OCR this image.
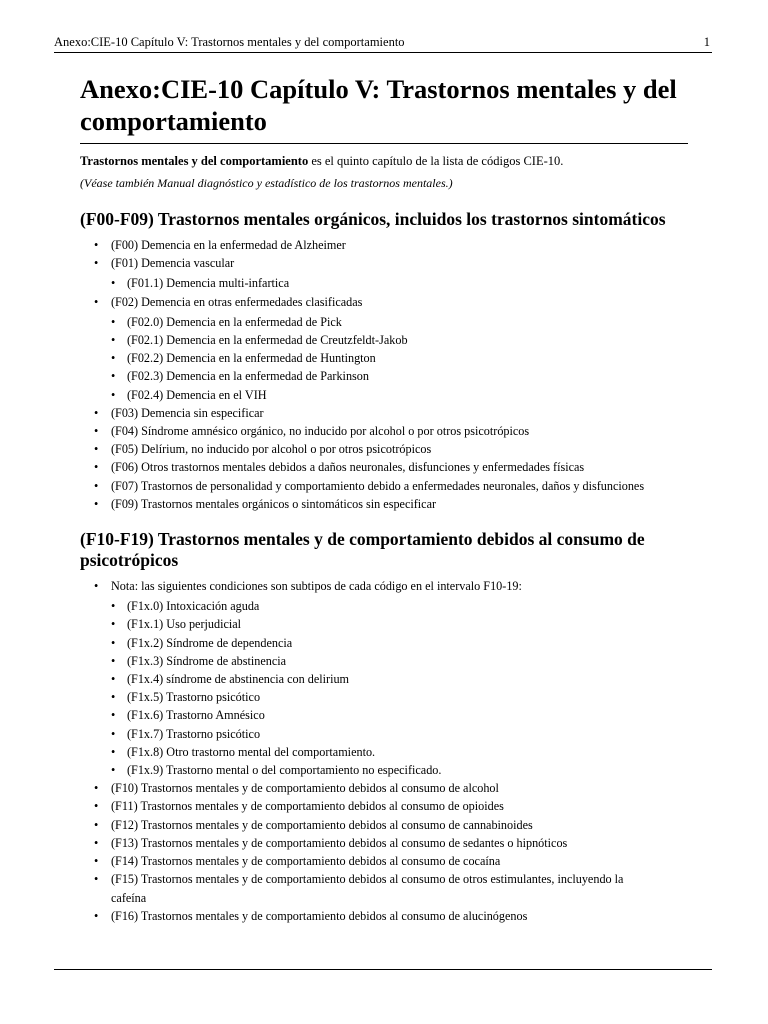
Anexo:CIE-10 Capítulo V: Trastornos mentales y del comportamiento	1
Anexo:CIE-10 Capítulo V: Trastornos mentales y del comportamiento

Trastornos mentales y del comportamiento es el quinto capítulo de la lista de códigos CIE-10.

(Véase también Manual diagnóstico y estadístico de los trastornos mentales.)

(F00-F09) Trastornos mentales orgánicos, incluidos los trastornos sintomáticos
• (F00) Demencia en la enfermedad de Alzheimer
• (F01) Demencia vascular
• (F01.1) Demencia multi-infartica
• (F02) Demencia en otras enfermedades clasificadas
• (F02.0) Demencia en la enfermedad de Pick
• (F02.1) Demencia en la enfermedad de Creutzfeldt-Jakob
• (F02.2) Demencia en la enfermedad de Huntington
• (F02.3) Demencia en la enfermedad de Parkinson
• (F02.4) Demencia en el VIH
• (F03) Demencia sin especificar
• (F04) Síndrome amnésico orgánico, no inducido por alcohol o por otros psicotrópicos
• (F05) Delírium, no inducido por alcohol o por otros psicotrópicos
• (F06) Otros trastornos mentales debidos a daños neuronales, disfunciones y enfermedades físicas
• (F07) Trastornos de personalidad y comportamiento debido a enfermedades neuronales, daños y disfunciones
• (F09) Trastornos mentales orgánicos o sintomáticos sin especificar
(F10-F19) Trastornos mentales y de comportamiento debidos al consumo de psicotrópicos
• Nota: las siguientes condiciones son subtipos de cada código en el intervalo F10-19:
• (F1x.0) Intoxicación aguda
• (F1x.1) Uso perjudicial
• (F1x.2) Síndrome de dependencia
• (F1x.3) Síndrome de abstinencia
• (F1x.4) síndrome de abstinencia con delirium
• (F1x.5) Trastorno psicótico
• (F1x.6) Trastorno Amnésico
• (F1x.7) Trastorno psicótico
• (F1x.8) Otro trastorno mental del comportamiento.
• (F1x.9) Trastorno mental o del comportamiento no especificado.
• (F10) Trastornos mentales y de comportamiento debidos al consumo de alcohol
• (F11) Trastornos mentales y de comportamiento debidos al consumo de opioides
• (F12) Trastornos mentales y de comportamiento debidos al consumo de cannabinoides
• (F13) Trastornos mentales y de comportamiento debidos al consumo de sedantes o hipnóticos
• (F14) Trastornos mentales y de comportamiento debidos al consumo de cocaína
• (F15) Trastornos mentales y de comportamiento debidos al consumo de otros estimulantes, incluyendo la
cafeína
• (F16) Trastornos mentales y de comportamiento debidos al consumo de alucinógenos
